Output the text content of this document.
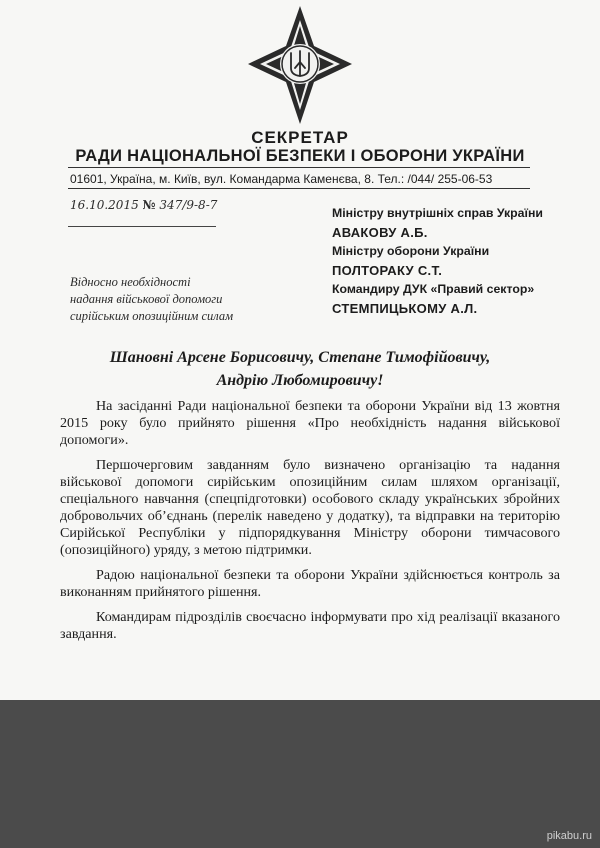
СЕКРЕТАР
РАДИ НАЦІОНАЛЬНОЇ БЕЗПЕКИ І ОБОРОНИ УКРАЇНИ
01601, Україна, м. Київ, вул. Командарма Каменєва, 8. Тел.: /044/ 255-06-53
16.10.2015 № 347/9-8-7
Міністру внутрішніх справ України
АВАКОВУ А.Б.
Міністру оборони України
ПОЛТОРАКУ С.Т.
Командиру ДУК «Правий сектор»
СТЕМПИЦЬКОМУ А.Л.
Відносно необхідності
надання військової допомоги
сирійським опозиційним силам
Шановні Арсене Борисовичу, Степане Тимофійовичу,
Андрію Любомировичу!

На засіданні Ради національної безпеки та оборони України від 13 жовтня 2015 року було прийнято рішення «Про необхідність надання військової допомоги».

Першочерговим завданням було визначено організацію та надання військової допомоги сирійським опозиційним силам шляхом організації, спеціального навчання (спецпідготовки) особового складу українських збройних добровольчих об’єднань (перелік наведено у додатку), та відправки на територію Сирійської Республіки у підпорядкування Міністру оборони тимчасового (опозиційного) уряду, з метою підтримки.

Радою національної безпеки та оборони України здійснюється контроль за виконанням прийнятого рішення.

Командирам підрозділів своєчасно інформувати про хід реалізації вказаного завдання.

pikabu.ru
